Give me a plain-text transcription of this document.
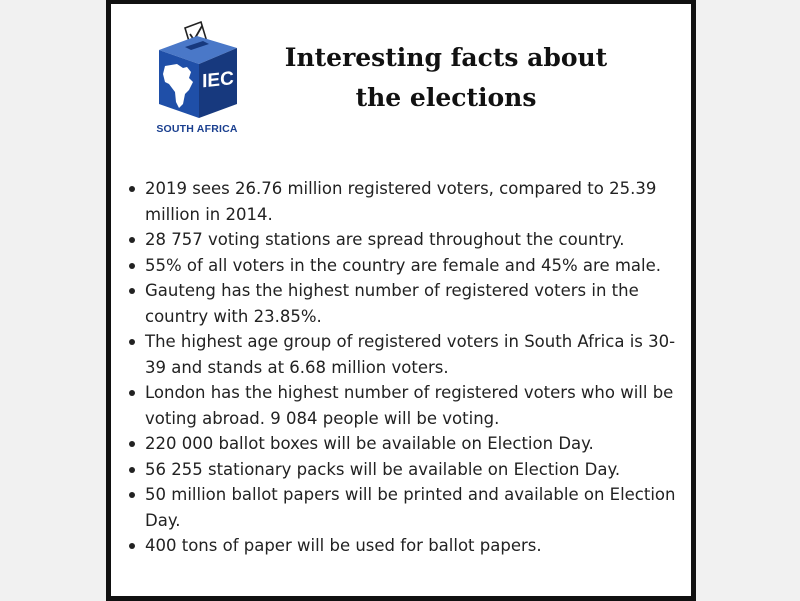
IEC
SOUTH AFRICA
Interesting facts about
the elections
2019 sees 26.76 million registered voters, compared to 25.39 million in 2014.
28 757 voting stations are spread throughout the country.
55% of all voters in the country are female and 45% are male.
Gauteng has the highest number of registered voters in the country with 23.85%.
The highest age group of registered voters in South Africa is 30-39 and stands at 6.68 million voters.
London has the highest number of registered voters who will be voting abroad. 9 084 people will be voting.
220 000 ballot boxes will be available on Election Day.
56 255 stationary packs will be available on Election Day.
50 million ballot papers will be printed and available on Election Day.
400 tons of paper will be used for ballot papers.
